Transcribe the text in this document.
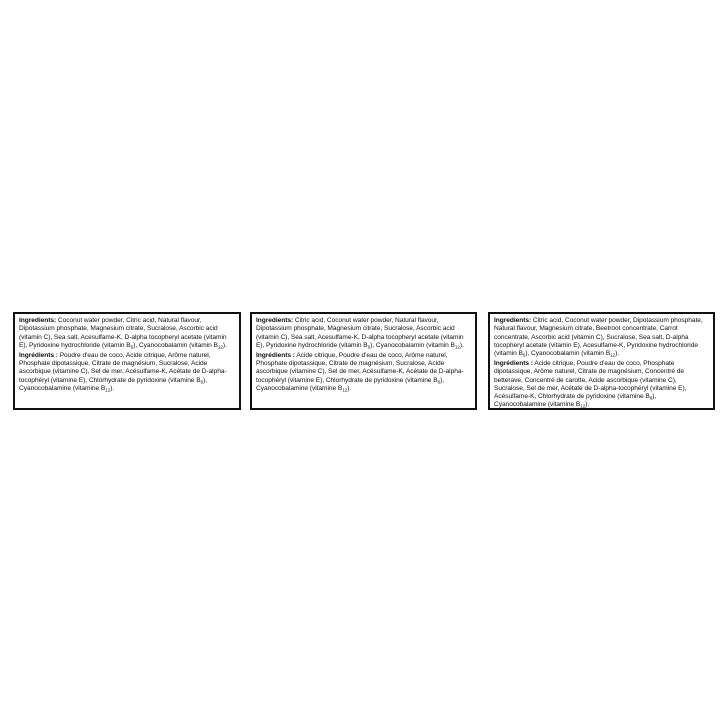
Ingredients: Coconut water powder, Citric acid, Natural flavour, Dipotassium phosphate, Magnesium citrate, Sucralose, Ascorbic acid (vitamin C), Sea salt, Acesulfame-K, D-alpha tocopheryl acetate (vitamin E), Pyridoxine hydrochloride (vitamin $B_6$), Cyanocobalamin (vitamin $B_{12}$).

Ingrédients : Poudre d'eau de coco, Acide citrique, Arôme naturel, Phosphate dipotassique, Citrate de magnésium, Sucralose, Acide ascorbique (vitamine C), Sel de mer, Acésulfame-K, Acétate de D-alpha-tocophéryl (vitamine E), Chlorhydrate de pyridoxine (vitamine $B_6$), Cyanocobalamine (vitamine $B_{12}$).

Ingredients: Citric acid, Coconut water powder, Natural flavour, Dipotassium phosphate, Magnesium citrate, Sucralose, Ascorbic acid (vitamin C), Sea salt, Acesulfame-K, D-alpha tocopheryl acetate (vitamin E), Pyridoxine hydrochloride (vitamin $B_6$), Cyanocobalamin (vitamin $B_{12}$).

Ingrédients : Acide citrique, Poudre d'eau de coco, Arôme naturel, Phosphate dipotassique, Citrate de magnésium, Sucralose, Acide ascorbique (vitamine C), Sel de mer, Acésulfame-K, Acétate de D-alpha-tocophéryl (vitamine E), Chlorhydrate de pyridoxine (vitamine $B_6$), Cyanocobalamine (vitamine $B_{12}$).

Ingredients: Citric acid, Coconut water powder, Dipotassium phosphate, Natural flavour, Magnesium citrate, Beetroot concentrate, Carrot concentrate, Ascorbic acid (vitamin C), Sucralose, Sea salt, D-alpha tocopheryl acetate (vitamin E), Acesulfame-K, Pyridoxine hydrochloride (vitamin $B_6$), Cyanocobalamin (vitamin $B_{12}$).

Ingrédients : Acide citrique, Poudre d'eau de coco, Phosphate dipotassique, Arôme naturel, Citrate de magnésium, Concentré de betterave, Concentré de carotte, Acide ascorbique (vitamine C), Sucralose, Sel de mer, Acétate de D-alpha-tocophéryl (vitamine E), Acésulfame-K, Chlorhydrate de pyridoxine (vitamine $B_6$), Cyanocobalamine (vitamine $B_{12}$).
